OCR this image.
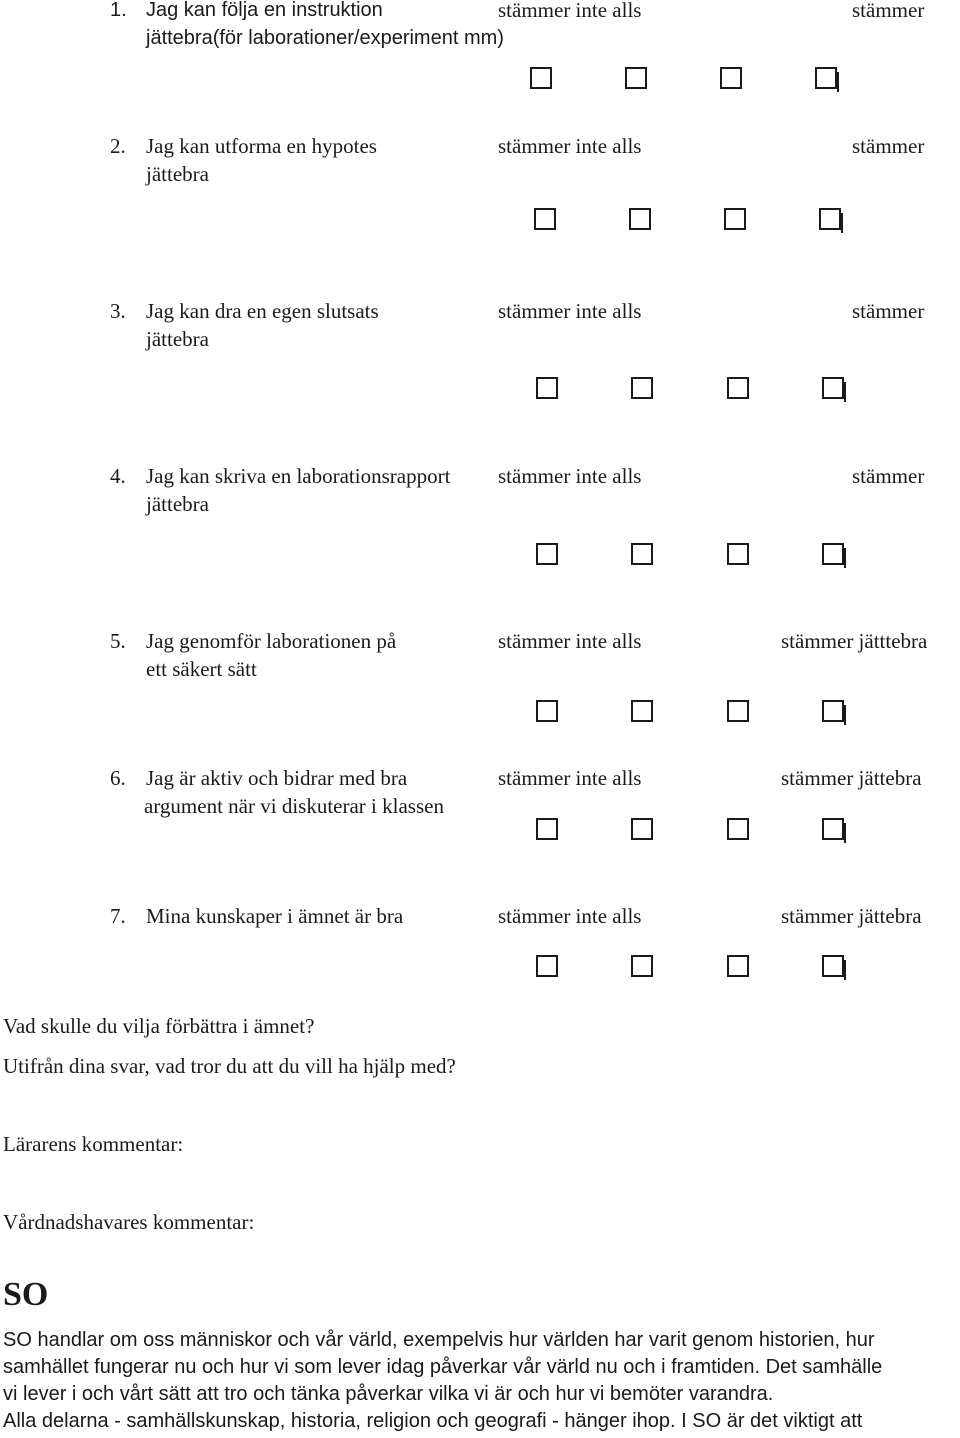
1. Jag kan följa en instruktion	stämmer inte alls	stämmer
jättebra(för laborationer/experiment mm)
2. Jag kan utforma en hypotes	stämmer inte alls	stämmer
jättebra
3. Jag kan dra en egen slutsats	stämmer inte alls	stämmer
jättebra
4. Jag kan skriva en laborationsrapport stämmer inte alls	stämmer
jättebra
5. Jag genomför laborationen på	stämmer inte alls	stämmer jätttebra
ett säkert sätt
6. Jag är aktiv och bidrar med bra	stämmer inte alls	stämmer jättebra
argument när vi diskuterar i klassen
7. Mina kunskaper i ämnet är bra	stämmer inte alls	stämmer jättebra
Vad skulle du vilja förbättra i ämnet?
Utifrån dina svar, vad tror du att du vill ha hjälp med?
Lärarens kommentar:
Vårdnadshavares kommentar:
SO
SO handlar om oss människor och vår värld, exempelvis hur världen har varit genom historien, hur
samhället fungerar nu och hur vi som lever idag påverkar vår värld nu och i framtiden. Det samhälle
vi lever i och vårt sätt att tro och tänka påverkar vilka vi är och hur vi bemöter varandra.
Alla delarna - samhällskunskap, historia, religion och geografi - hänger ihop. I SO är det viktigt att
